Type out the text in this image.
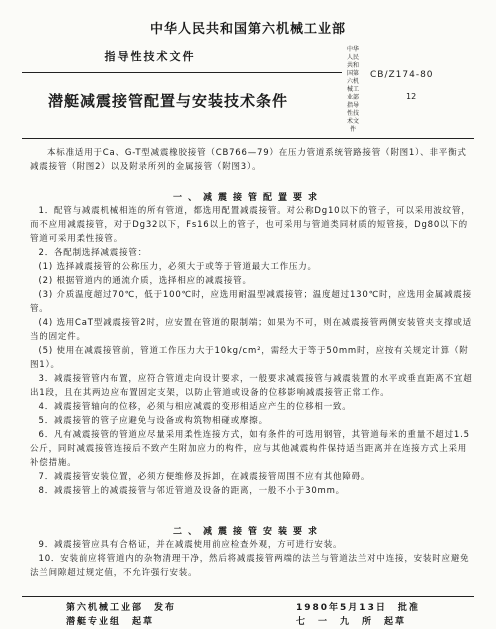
中华人民共和国第六机械工业部
指导性技术文件
潜艇减震接管配置与安装技术条件
中华人民共和国第六机械工业部指导性技术文件
CB/Z174-80
12
本标准适用于Ca、G-T型减震橡胶接管（CB766—79）在压力管道系统管路接管（附图1）、非平衡式减震接管（附图2）以及附录所列的金属接管（附图3）。
一、减震接管配置要求
1．配管与减震机械相连的所有管道，都选用配置减震接管。对公称Dg10以下的管子，可以采用波纹管，而不应用减震接管，对于Dg32以下，Fs16以上的管子，也可采用与管道类同材质的短管接，Dg80以下的管道可采用柔性接管。
2．各配制选择减震接管：
(1) 选择减震接管的公称压力，必须大于或等于管道最大工作压力。
(2) 根据管道内的通流介质，选择相应的减震接管。
(3) 介质温度超过70℃，低于100℃时，应选用耐温型减震接管；温度超过130℃时，应选用金属减震接管。
(4) 选用CaT型减震接管2时，应安置在管道的限制端；如果为不可，则在减震接管两侧安装管夹支撑或适当的固定件。
(5) 使用在减震接管前，管道工作压力大于10kg/cm²，需经大于等于50mm时，应按有关规定计算（附图1）。
3．减震接管管内布置，应符合管道走向设计要求，一般要求减震接管与减震装置的水平或垂直距离不宜超出1段，且在其两边应布置固定支架，以防止管道或设备的位移影响减震接管正常工作。
4．减震接管轴向的位移，必须与相应减震的变形相适应产生的位移相一致。
5．减震接管的管子应避免与设备或构筑物相碰或摩擦。
6．凡有减震接管的管道应尽量采用柔性连接方式，如有条件的可选用钢管，其管道每米的重量不超过1.5公斤，同时减震接管连接后不致产生附加应力的构件，应与其他减震构件保持适当距离并在连接方式上采用补偿措施。
7．减震接管安装位置，必须方便维修及拆卸，在减震接管周围不应有其他障碍。
8．减震接管上的减震接管与邻近管道及设备的距离，一般不小于30mm。
二、减震接管安装要求
9．减震接管应具有合格证，并在减震使用前应检查外观，方可进行安装。
10．安装前应将管道内的杂物清理干净，然后将减震接管两端的法兰与管道法兰对中连接，安装时应避免法兰间隙超过规定值，不允许强行安装。
第六机械工业部　发布	1980年5月13日　批准
潜艇专业组　起草	七　一　九　所　起草
